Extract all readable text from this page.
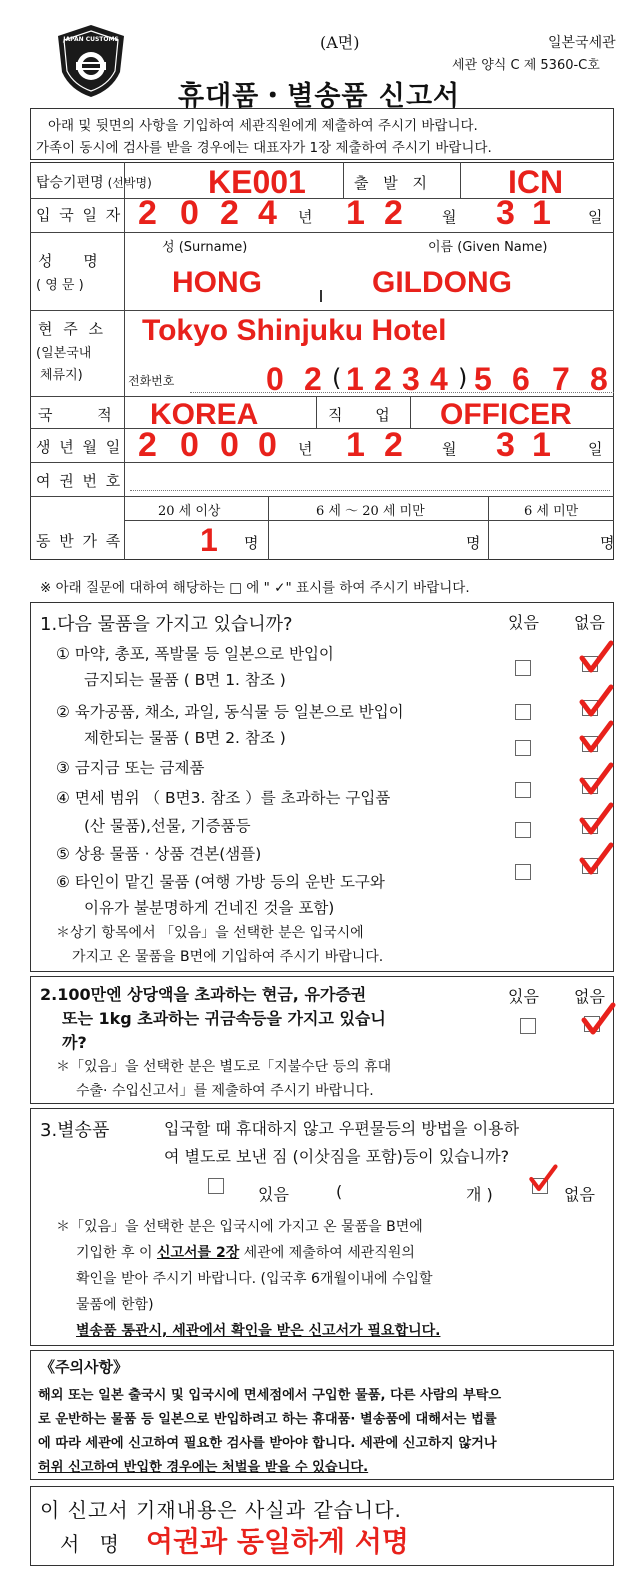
JAPAN CUSTOMS	(A면)	일본국세관
세관 양식 C 제 5360-C호
휴대품・별송품 신고서
아래 및 뒷면의 사항을 기입하여 세관직원에게 제출하여 주시기 바랍니다.
가족이 동시에 검사를 받을 경우에는 대표자가 1장 제출하여 주시기 바랍니다.
탑승기편명 (선박명) KE001	출 발 지	ICN
입 국 일 자 2 0 2 4 년 1 2	월 3 1 일
성 명
( 영 문 )
성 (Surname)	이름 (Given Name)
HONG	GILDONG
현 주 소
(일본국내
체류지)
Tokyo Shinjuku Hotel
전화번호	0 2 ( 1 2 3 4 ) 5 6 7 8
국 적 KOREA	직 업 OFFICER
생 년 월 일 2 0 0 0 년 1 2	월 3 1 일
여 권 번 호
20 세 이상	6 세 ～ 20 세 미만	6 세 미만
동 반 가 족 1 명	명	명
※ 아래 질문에 대하여 해당하는 □ 에 " ✓" 표시를 하여 주시기 바랍니다.
1.다음 물품을 가지고 있습니까?	있음 없음
① 마약, 총포, 폭발물 등 일본으로 반입이
금지되는 물품 ( B면 1. 참조 )
② 육가공품, 채소, 과일, 동식물 등 일본으로 반입이
제한되는 물품 ( B면 2. 참조 )
③ 금지금 또는 금제품
④ 면세 범위 （ B면3. 참조 ）를 초과하는 구입품
(산 물품),선물, 기증품등
⑤ 상용 물품 · 상품 견본(샘플)
⑥ 타인이 맡긴 물품 (여행 가방 등의 운반 도구와
이유가 불분명하게 건네진 것을 포함)
＊상기 항목에서 「있음」을 선택한 분은 입국시에
가지고 온 물품을 B면에 기입하여 주시기 바랍니다.
2.100만엔 상당액을 초과하는 현금, 유가증권
또는 1kg 초과하는 귀금속등을 가지고 있습니
까?
있음 없음
＊「있음」을 선택한 분은 별도로「지불수단 등의 휴대
수출· 수입신고서」를 제출하여 주시기 바랍니다.
3.별송품	입국할 때 휴대하지 않고 우편물등의 방법을 이용하
여 별도로 보낸 짐 (이삿짐을 포함)등이 있습니까?
있음	(	개 )	없음
＊「있음」을 선택한 분은 입국시에 가지고 온 물품을 B면에
기입한 후 이 신고서를 2장 세관에 제출하여 세관직원의
확인을 받아 주시기 바랍니다. (입국후 6개월이내에 수입할
물품에 한함)
별송품 통관시, 세관에서 확인을 받은 신고서가 필요합니다.
《주의사항》
해외 또는 일본 출국시 및 입국시에 면세점에서 구입한 물품, 다른 사람의 부탁으
로 운반하는 물품 등 일본으로 반입하려고 하는 휴대품· 별송품에 대해서는 법률
에 따라 세관에 신고하여 필요한 검사를 받아야 합니다. 세관에 신고하지 않거나
허위 신고하여 반입한 경우에는 처벌을 받을 수 있습니다.
이 신고서 기재내용은 사실과 같습니다.
서 명 여권과 동일하게 서명
